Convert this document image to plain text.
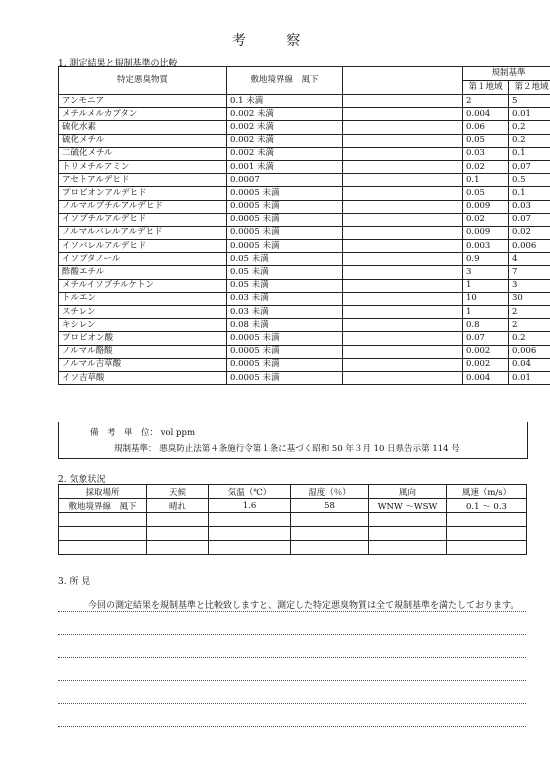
考 察
1. 測定結果と規制基準の比較
特定悪臭物質	敷地境界線　風下		規制基準	
			第１地域	第２地域
アンモニア	0.1 未満		2	5
メチルメルカプタン	0.002 未満		0.004	0.01
硫化水素	0.002 未満		0.06	0.2
硫化メチル	0.002 未満		0.05	0.2
二硫化メチル	0.002 未満		0.03	0.1
トリメチルアミン	0.001 未満		0.02	0.07
アセトアルデヒド	0.0007		0.1	0.5
プロピオンアルデヒド	0.0005 未満		0.05	0.1
ノルマルブチルアルデヒド	0.0005 未満		0.009	0.03
イソブチルアルデヒド	0.0005 未満		0.02	0.07
ノルマルバレルアルデヒド	0.0005 未満		0.009	0.02
イソバレルアルデヒド	0.0005 未満		0.003	0.006
イソブタノール	0.05 未満		0.9	4
酢酸エチル	0.05 未満		3	7
メチルイソブチルケトン	0.05 未満		1	3
トルエン	0.03 未満		10	30
スチレン	0.03 未満		1	2
キシレン	0.08 未満		0.8	2
プロピオン酸	0.0005 未満		0.07	0.2
ノルマル酪酸	0.0005 未満		0.002	0.006
ノルマル吉草酸	0.0005 未満		0.002	0.04
イソ吉草酸	0.0005 未満		0.004	0.01
備　考　単　位： vol ppm
規制基準： 悪臭防止法第４条施行令第１条に基づく昭和 50 年３月 10 日県告示第 114 号
2. 気象状況
採取場所	天候	気温（℃）	湿度（％）	風向	風速（m/s）
敷地境界線　風下	晴れ	1.6	58	WNW 〜WSW	0.1 〜 0.3

3. 所 見
今回の測定結果を規制基準と比較致しますと、測定した特定悪臭物質は全て規制基準を満たしております。
